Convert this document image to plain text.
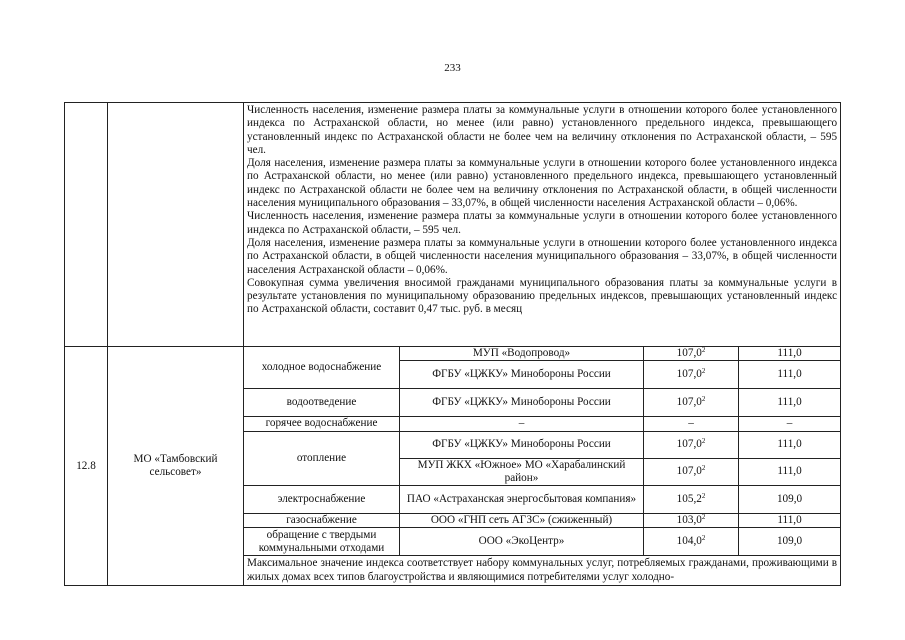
233

		Численность населения, изменение размера платы за коммунальные услуги в отношении которого более установленного индекса по Астраханской области, но менее (или равно) установленного предельного индекса, превышающего установленный индекс по Астраханской области не более чем на величину отклонения по Астраханской области, – 595 чел.
Доля населения, изменение размера платы за коммунальные услуги в отношении которого более установленного индекса по Астраханской области, но менее (или равно) установленного предельного индекса, превышающего установленный индекс по Астраханской области не более чем на величину отклонения по Астраханской области, в общей численности населения муниципального образования – 33,07%, в общей численности населения Астраханской области – 0,06%.
Численность населения, изменение размера платы за коммунальные услуги в отношении которого более установленного индекса по Астраханской области, – 595 чел.
Доля населения, изменение размера платы за коммунальные услуги в отношении которого более установленного индекса по Астраханской области, в общей численности населения муниципального образования – 33,07%, в общей численности населения Астраханской области – 0,06%.
Совокупная сумма увеличения вносимой гражданами муниципального образования платы за коммунальные услуги в результате установления по муниципальному образованию предельных индексов, превышающих установленный индекс по Астраханской области, составит 0,47 тыс. руб. в месяц			

12.8	МО «Тамбовский сельсовет»	холодное водоснабжение	МУП «Водопровод»	107,0$^2$	111,0
			ФГБУ «ЦЖКУ» Минобороны России	107,0$^2$	111,0
		водоотведение	ФГБУ «ЦЖКУ» Минобороны России	107,0$^2$	111,0
		горячее водоснабжение	–	–	–
		отопление	ФГБУ «ЦЖКУ» Минобороны России	107,0$^2$	111,0
			МУП ЖКХ «Южное» МО «Харабалинский район»	107,0$^2$	111,0
		электроснабжение	ПАО «Астраханская энергосбытовая компания»	105,2$^2$	109,0
		газоснабжение	ООО «ГНП сеть АГЗС» (сжиженный)	103,0$^2$	111,0
		обращение с твердыми коммунальными отходами	ООО «ЭкоЦентр»	104,0$^2$	109,0
		Максимальное значение индекса соответствует набору коммунальных услуг, потребляемых гражданами, проживающими в жилых домах всех типов благоустройства и являющимися потребителями услуг холодно-			
